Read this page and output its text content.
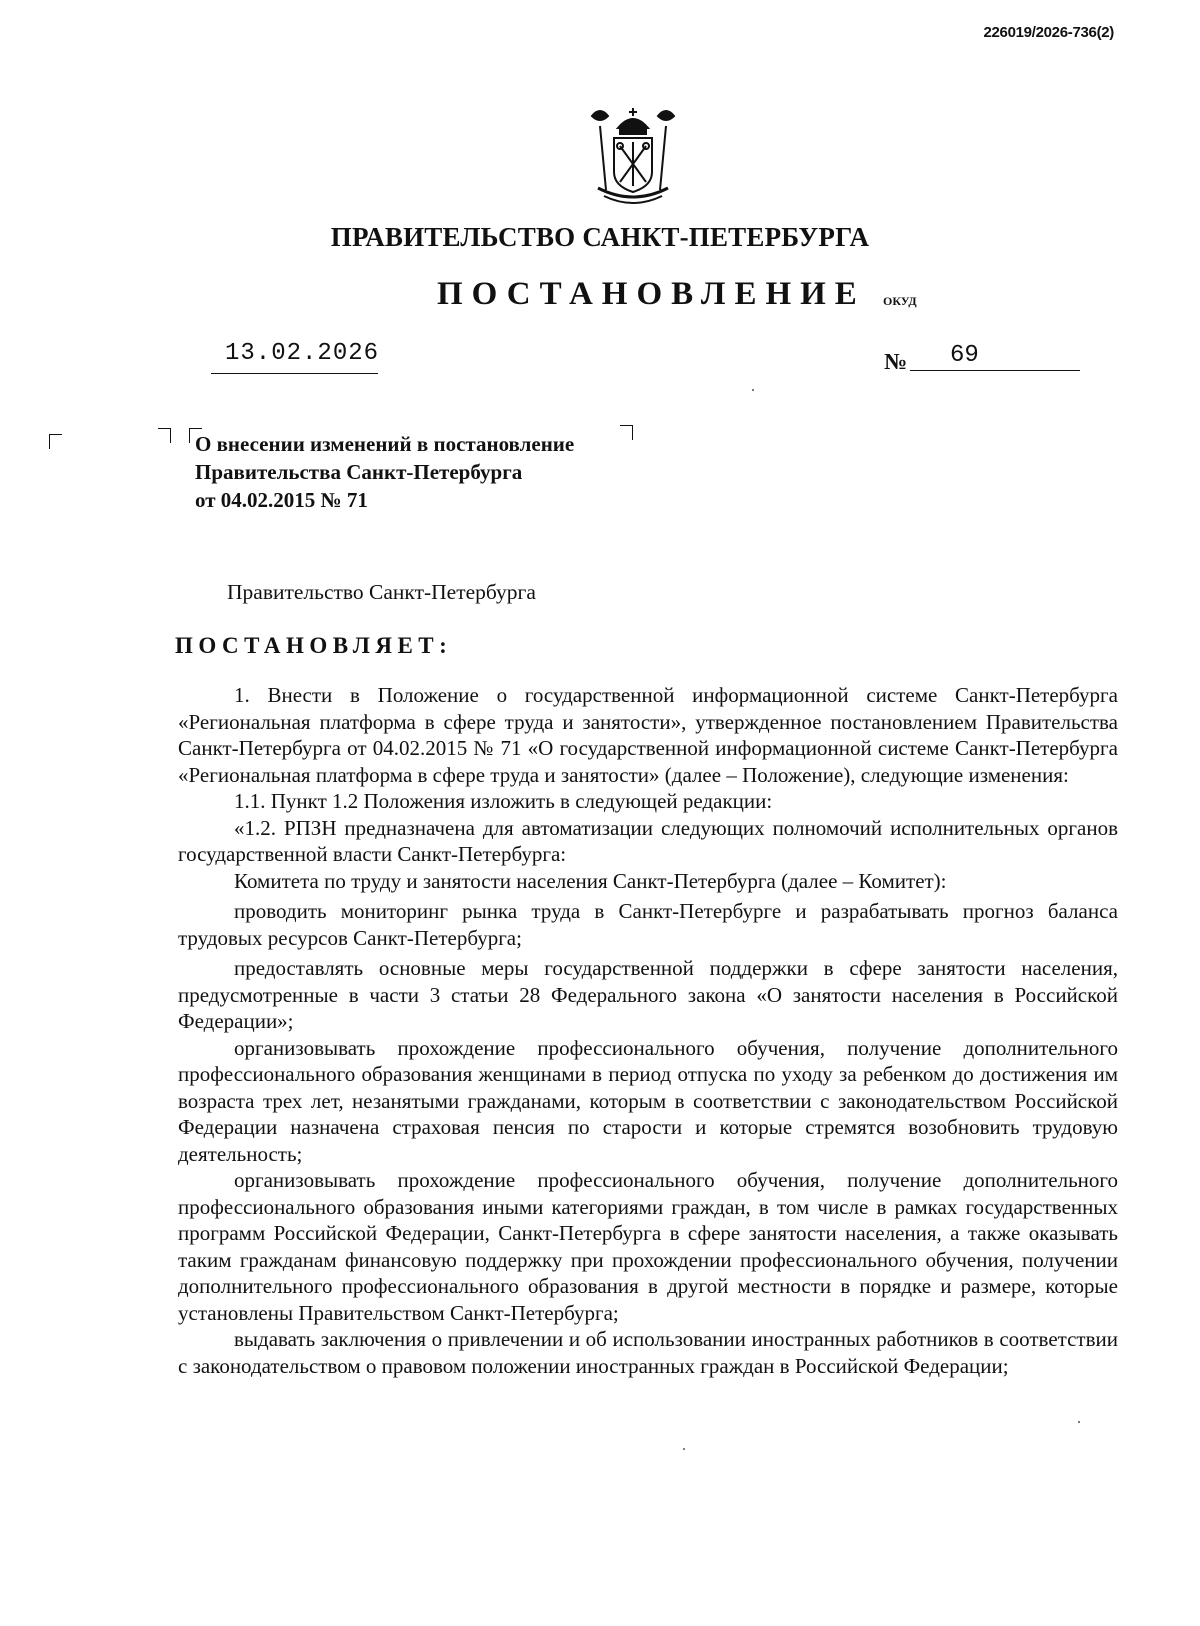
226019/2026-736(2)
ПРАВИТЕЛЬСТВО САНКТ-ПЕТЕРБУРГА
ПОСТАНОВЛЕНИЕ ОКУД
13.02.2026	№ 69
О внесении изменений в постановление
Правительства Санкт-Петербурга
от 04.02.2015 № 71
Правительство Санкт-Петербурга
ПОСТАНОВЛЯЕТ:
1. Внести в Положение о государственной информационной системе Санкт-Петербурга «Региональная платформа в сфере труда и занятости», утвержденное постановлением Правительства Санкт-Петербурга от 04.02.2015 № 71 «О государственной информационной системе Санкт-Петербурга «Региональная платформа в сфере труда и занятости» (далее – Положение), следующие изменения:
1.1. Пункт 1.2 Положения изложить в следующей редакции:
«1.2. РПЗН предназначена для автоматизации следующих полномочий исполнительных органов государственной власти Санкт-Петербурга:
Комитета по труду и занятости населения Санкт-Петербурга (далее – Комитет):
проводить мониторинг рынка труда в Санкт-Петербурге и разрабатывать прогноз баланса трудовых ресурсов Санкт-Петербурга;
предоставлять основные меры государственной поддержки в сфере занятости населения, предусмотренные в части 3 статьи 28 Федерального закона «О занятости населения в Российской Федерации»;
организовывать прохождение профессионального обучения, получение дополнительного профессионального образования женщинами в период отпуска по уходу за ребенком до достижения им возраста трех лет, незанятыми гражданами, которым в соответствии с законодательством Российской Федерации назначена страховая пенсия по старости и которые стремятся возобновить трудовую деятельность;
организовывать прохождение профессионального обучения, получение дополнительного профессионального образования иными категориями граждан, в том числе в рамках государственных программ Российской Федерации, Санкт-Петербурга в сфере занятости населения, а также оказывать таким гражданам финансовую поддержку при прохождении профессионального обучения, получении дополнительного профессионального образования в другой местности в порядке и размере, которые установлены Правительством Санкт-Петербурга;
выдавать заключения о привлечении и об использовании иностранных работников в соответствии с законодательством о правовом положении иностранных граждан в Российской Федерации;
